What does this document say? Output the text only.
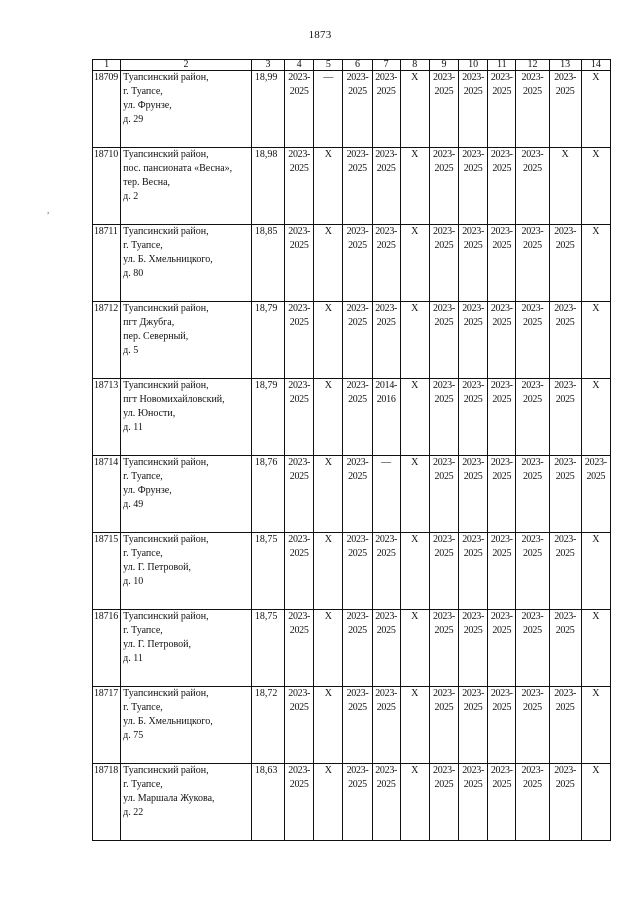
1873
,
1	2	3	4	5	6	7	8	9	10	11	12	13	14
18709	Туапсинский район,
г. Туапсе,
ул. Фрунзе,
д. 29	18,99	2023-
2025	—	2023-
2025	2023-
2025	X	2023-
2025	2023-
2025	2023-
2025	2023-
2025	2023-
2025	X
18710	Туапсинский район,
пос. пансионата «Весна»,
тер. Весна,
д. 2	18,98	2023-
2025	X	2023-
2025	2023-
2025	X	2023-
2025	2023-
2025	2023-
2025	2023-
2025	X	X
18711	Туапсинский район,
г. Туапсе,
ул. Б. Хмельницкого,
д. 80	18,85	2023-
2025	X	2023-
2025	2023-
2025	X	2023-
2025	2023-
2025	2023-
2025	2023-
2025	2023-
2025	X
18712	Туапсинский район,
пгт Джубга,
пер. Северный,
д. 5	18,79	2023-
2025	X	2023-
2025	2023-
2025	X	2023-
2025	2023-
2025	2023-
2025	2023-
2025	2023-
2025	X
18713	Туапсинский район,
пгт Новомихайловский,
ул. Юности,
д. 11	18,79	2023-
2025	X	2023-
2025	2014-
2016	X	2023-
2025	2023-
2025	2023-
2025	2023-
2025	2023-
2025	X
18714	Туапсинский район,
г. Туапсе,
ул. Фрунзе,
д. 49	18,76	2023-
2025	X	2023-
2025	—	X	2023-
2025	2023-
2025	2023-
2025	2023-
2025	2023-
2025	2023-
2025
18715	Туапсинский район,
г. Туапсе,
ул. Г. Петровой,
д. 10	18,75	2023-
2025	X	2023-
2025	2023-
2025	X	2023-
2025	2023-
2025	2023-
2025	2023-
2025	2023-
2025	X
18716	Туапсинский район,
г. Туапсе,
ул. Г. Петровой,
д. 11	18,75	2023-
2025	X	2023-
2025	2023-
2025	X	2023-
2025	2023-
2025	2023-
2025	2023-
2025	2023-
2025	X
18717	Туапсинский район,
г. Туапсе,
ул. Б. Хмельницкого,
д. 75	18,72	2023-
2025	X	2023-
2025	2023-
2025	X	2023-
2025	2023-
2025	2023-
2025	2023-
2025	2023-
2025	X
18718	Туапсинский район,
г. Туапсе,
ул. Маршала Жукова,
д. 22	18,63	2023-
2025	X	2023-
2025	2023-
2025	X	2023-
2025	2023-
2025	2023-
2025	2023-
2025	2023-
2025	X
